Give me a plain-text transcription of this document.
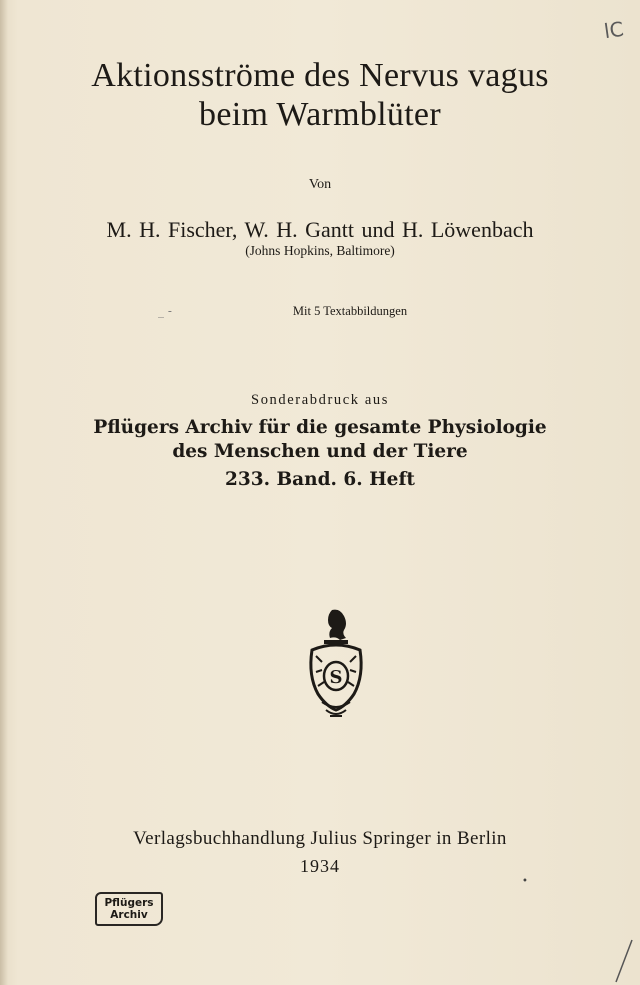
lC
Aktionsströme des Nervus vagus
beim Warmblüter
Von
M. H. Fischer, W. H. Gantt und H. Löwenbach
(Johns Hopkins, Baltimore)
_ -	Mit 5 Textabbildungen
Sonderabdruck aus
Pflügers Archiv für die gesamte Physiologie
des Menschen und der Tiere
233. Band. 6. Heft
S
Verlagsbuchhandlung Julius Springer in Berlin
1934
•
Pflügers
Archiv
